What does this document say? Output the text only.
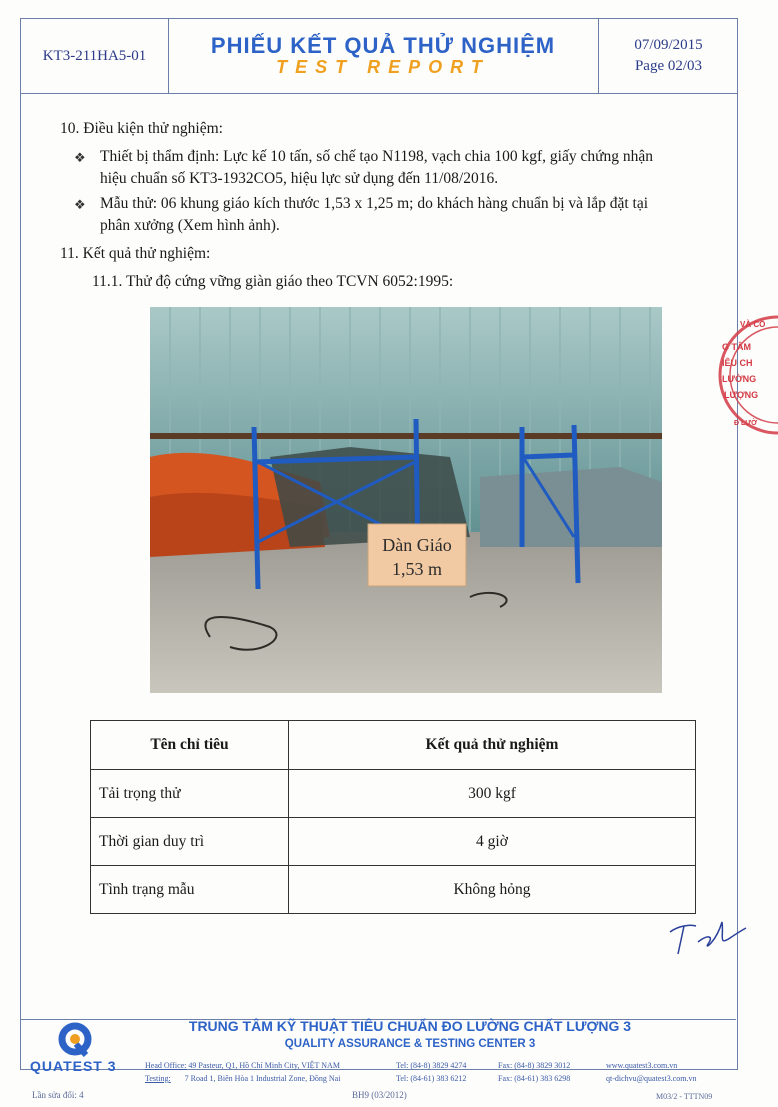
KT3-211HA5-01	PHIẾU KẾT QUẢ THỬ NGHIỆM
TEST REPORT
07/09/2015
Page 02/03
10. Điều kiện thử nghiệm:
❖ Thiết bị thẩm định: Lực kế 10 tấn, số chế tạo N1198, vạch chia 100 kgf, giấy chứng nhận
hiệu chuẩn số KT3-1932CO5, hiệu lực sử dụng đến 11/08/2016.
❖ Mẫu thử: 06 khung giáo kích thước 1,53 x 1,25 m; do khách hàng chuẩn bị và lắp đặt tại
phân xưởng (Xem hình ảnh).
11. Kết quả thử nghiệm:
11.1. Thử độ cứng vững giàn giáo theo TCVN 6052:1995:
Dàn Giáo
1,53 m
VÀ CÔ
G TÂM
IÊU CH
LƯỜNG
LƯỢNG
Đ LƯỜ
Tên chỉ tiêu	Kết quả thử nghiệm
Tải trọng thử	300 kgf
Thời gian duy trì	4 giờ
Tình trạng mẫu	Không hỏng
TRUNG TÂM KỸ THUẬT TIÊU CHUẨN ĐO LƯỜNG CHẤT LƯỢNG 3
QUALITY ASSURANCE & TESTING CENTER 3
QUATEST 3	Head Office: 49 Pasteur, Q1, Hồ Chí Minh City, VIỆT NAM	Tel: (84-8) 3829 4274	Fax: (84-8) 3829 3012	www.quatest3.com.vn
Testing: 7 Road 1, Biên Hòa 1 Industrial Zone, Đồng Nai	Tel: (84-61) 383 6212	Fax: (84-61) 383 6298	qt-dichvu@quatest3.com.vn
Lần sửa đổi: 4	BH9 (03/2012)	M03/2 - TTTN09
